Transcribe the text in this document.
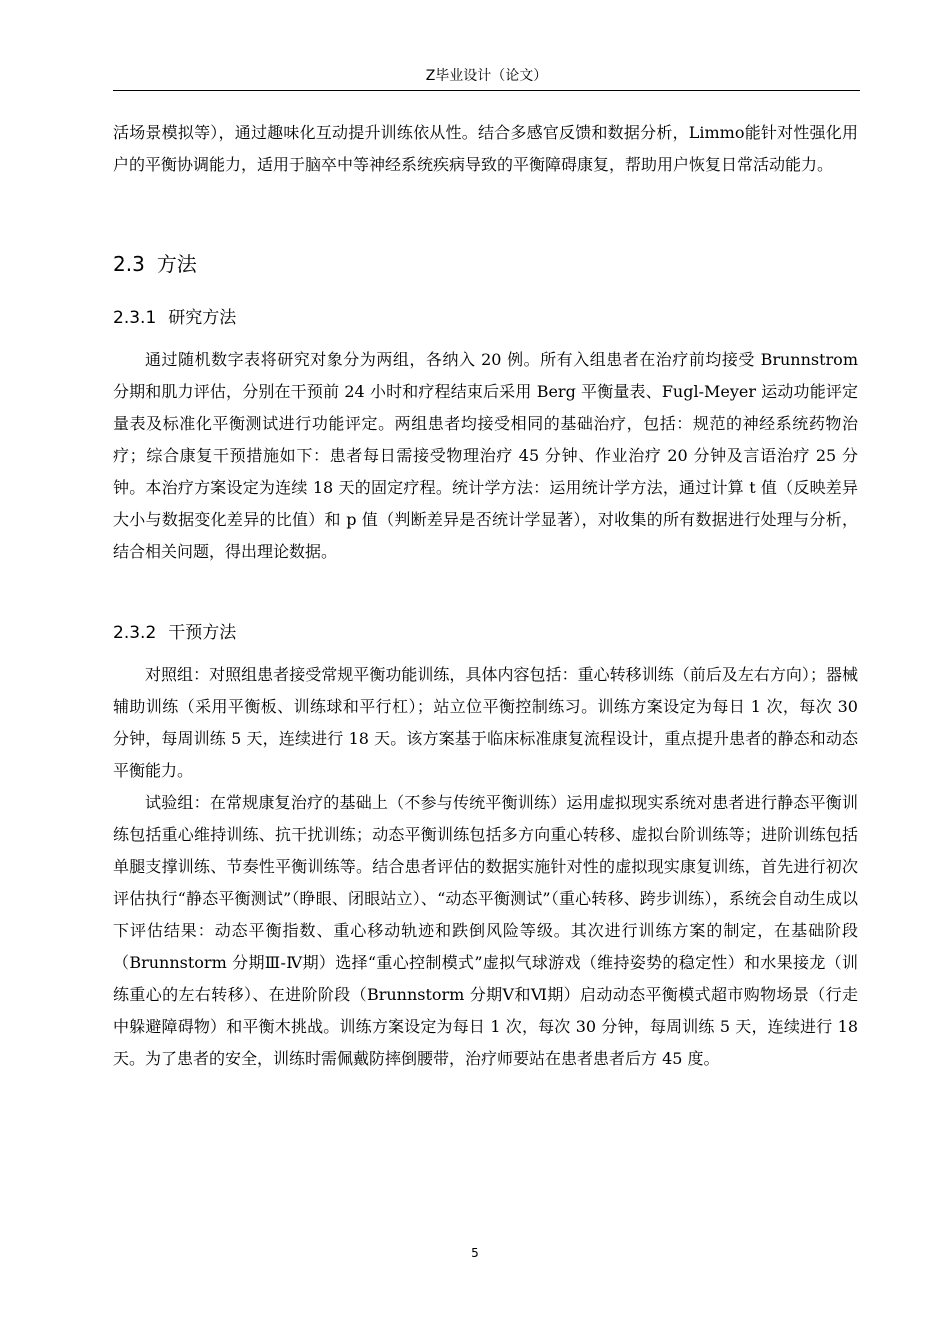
Z毕业设计（论文）

活场景模拟等），通过趣味化互动提升训练依从性。结合多感官反馈和数据分析，Limmo能针对性强化用户的平衡协调能力，适用于脑卒中等神经系统疾病导致的平衡障碍康复，帮助用户恢复日常活动能力。

2.3 方法
2.3.1 研究方法

通过随机数字表将研究对象分为两组，各纳入 20 例。所有入组患者在治疗前均接受 Brunnstrom 分期和肌力评估，分别在干预前 24 小时和疗程结束后采用 Berg 平衡量表、Fugl-Meyer 运动功能评定量表及标准化平衡测试进行功能评定。两组患者均接受相同的基础治疗，包括：规范的神经系统药物治疗；综合康复干预措施如下：患者每日需接受物理治疗 45 分钟、作业治疗 20 分钟及言语治疗 25 分钟。本治疗方案设定为连续 18 天的固定疗程。统计学方法：运用统计学方法，通过计算 t 值（反映差异大小与数据变化差异的比值）和 p 值（判断差异是否统计学显著），对收集的所有数据进行处理与分析，结合相关问题，得出理论数据。

2.3.2 干预方法

对照组：对照组患者接受常规平衡功能训练，具体内容包括：重心转移训练（前后及左右方向）；器械辅助训练（采用平衡板、训练球和平行杠）；站立位平衡控制练习。训练方案设定为每日 1 次，每次 30 分钟，每周训练 5 天，连续进行 18 天。该方案基于临床标准康复流程设计，重点提升患者的静态和动态平衡能力。

试验组：在常规康复治疗的基础上（不参与传统平衡训练）运用虚拟现实系统对患者进行静态平衡训练包括重心维持训练、抗干扰训练；动态平衡训练包括多方向重心转移、虚拟台阶训练等；进阶训练包括单腿支撑训练、节奏性平衡训练等。结合患者评估的数据实施针对性的虚拟现实康复训练，首先进行初次评估执行“静态平衡测试”（睁眼、闭眼站立）、“动态平衡测试”（重心转移、跨步训练），系统会自动生成以下评估结果：动态平衡指数、重心移动轨迹和跌倒风险等级。其次进行训练方案的制定，在基础阶段（Brunnstorm 分期Ⅲ-Ⅳ期）选择“重心控制模式”虚拟气球游戏（维持姿势的稳定性）和水果接龙（训练重心的左右转移）、在进阶阶段（Brunnstorm 分期Ⅴ和Ⅵ期）启动动态平衡模式超市购物场景（行走中躲避障碍物）和平衡木挑战。训练方案设定为每日 1 次，每次 30 分钟，每周训练 5 天，连续进行 18 天。为了患者的安全，训练时需佩戴防摔倒腰带，治疗师要站在患者患者后方 45 度。

5
